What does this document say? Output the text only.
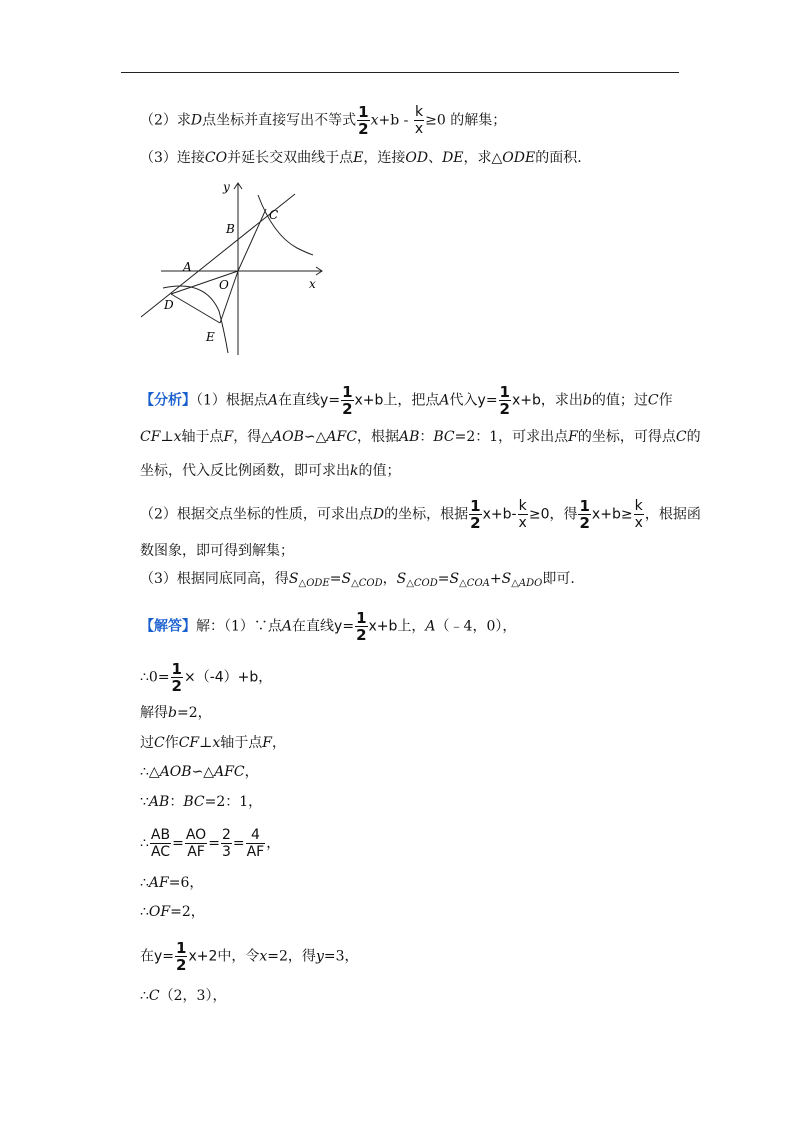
（2）求D点坐标并直接写出不等式 $\frac{1}{2} x+b - \frac{k}{x} \ge 0$ 的解集；
（3）连接CO并延长交双曲线于点E，连接OD、DE，求△ODE的面积.
y
x
A
B
C
D
E
O
【分析】（1）根据点A在直线$y= \frac{1}{2} x+b$上，把点A代入$y= \frac{1}{2} x+b$，求出b的值；过C作
CF⊥x轴于点F，得△AOB∽△AFC，根据AB：BC=2：1，可求出点F的坐标，可得点C的
坐标，代入反比例函数，即可求出k的值；
（2）根据交点坐标的性质，可求出点D的坐标，根据 $\frac{1}{2} x+b- \frac{k}{x} \ge 0$，得 $\frac{1}{2} x+b\ge \frac{k}{x}$ ，根据函
数图象，即可得到解集；
（3）根据同底同高，得$S_{\triangle ODE}=S_{\triangle COD}$，$S_{\triangle COD}=S_{\triangle COA}+S_{\triangle ADO}$即可.
【解答】解：（1）∵点A在直线$y= \frac{1}{2} x+b$上，A（﹣4，0），
∴0= $\frac{1}{2} \times(-4)+b$，
解得b=2，
过C作CF⊥x轴于点F，
∴△AOB∽△AFC，
∵AB：BC=2：1，
∴ $\frac{AB}{AC} = \frac{AO}{AF} = \frac{2}{3} = \frac{4}{AF}$ ，
∴AF=6，
∴OF=2，
在$y= \frac{1}{2} x+2$中，令x=2，得y=3，
∴C（2，3），
